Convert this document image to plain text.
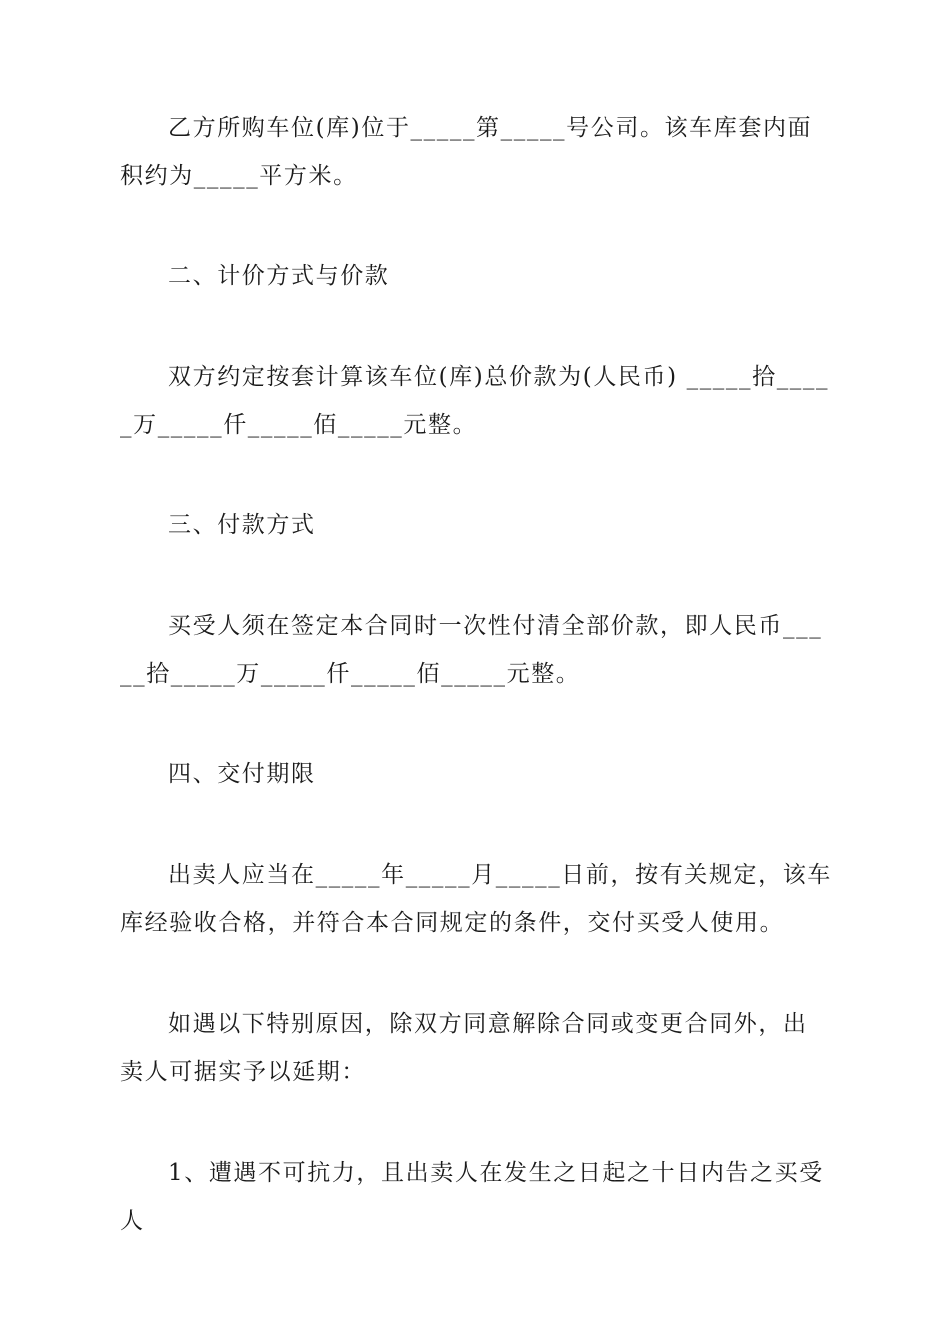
乙方所购车位(库)位于_____第_____号公司。该车库套内面积约为_____平方米。

二、计价方式与价款

双方约定按套计算该车位(库)总价款为(人民币) _____拾_____万_____仟_____佰_____元整。

三、付款方式

买受人须在签定本合同时一次性付清全部价款，即人民币_____拾_____万_____仟_____佰_____元整。

四、交付期限

出卖人应当在_____年_____月_____日前，按有关规定，该车库经验收合格，并符合本合同规定的条件，交付买受人使用。

如遇以下特别原因，除双方同意解除合同或变更合同外，出卖人可据实予以延期：

1、遭遇不可抗力，且出卖人在发生之日起之十日内告之买受人
